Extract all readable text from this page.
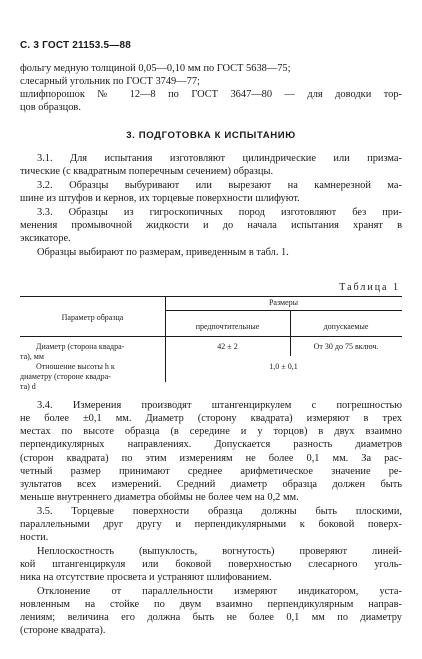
С. 3 ГОСТ 21153.5—88
фольгу медную толщиной 0,05—0,10 мм по ГОСТ 5638—75;
слесарный угольник по ГОСТ 3749—77;
шлифпорошок № 12—8 по ГОСТ 3647—80 — для доводки тор-
цов образцов.
3. ПОДГОТОВКА К ИСПЫТАНИЮ
3.1. Для испытания изготовляют цилиндрические или призма-
тические (с квадратным поперечным сечением) образцы.
3.2. Образцы выбуривают или вырезают на камнерезной ма-
шине из штуфов и кернов, их торцевые поверхности шлифуют.
3.3. Образцы из гигроскопичных пород изготовляют без при-
менения промывочной жидкости и до начала испытания хранят в
эксикаторе.
Образцы выбирают по размерам, приведенным в табл. 1.
Таблица 1
Параметр образца
Размеры
предпочтительные	допускаемые
Диаметр (сторона квадра-
та), мм
42 ± 2	От 30 до 75 включ.
Отношение высоты h к
диаметру (стороне квадра-
1,0 ± 0,1
та) d
3.4. Измерения производят штангенциркулем с погрешностью
не более ±0,1 мм. Диаметр (сторону квадрата) измеряют в трех
местах по высоте образца (в середине и у торцов) в двух взаимно
перпендикулярных направлениях. Допускается разность диаметров
(сторон квадрата) по этим измерениям не более 0,1 мм. За рас-
четный размер принимают среднее арифметическое значение ре-
зультатов всех измерений. Средний диаметр образца должен быть
меньше внутреннего диаметра обоймы не более чем на 0,2 мм.
3.5. Торцевые поверхности образца должны быть плоскими,
параллельными друг другу и перпендикулярными к боковой поверх-
ности.
Неплоскостность (выпуклость, вогнутость) проверяют линей-
кой штангенциркуля или боковой поверхностью слесарного уголь-
ника на отсутствие просвета и устраняют шлифованием.
Отклонение от параллельности измеряют индикатором, уста-
новленным на стойке по двум взаимно перпендикулярным направ-
лениям; величина его должна быть не более 0,1 мм по диаметру
(стороне квадрата).
